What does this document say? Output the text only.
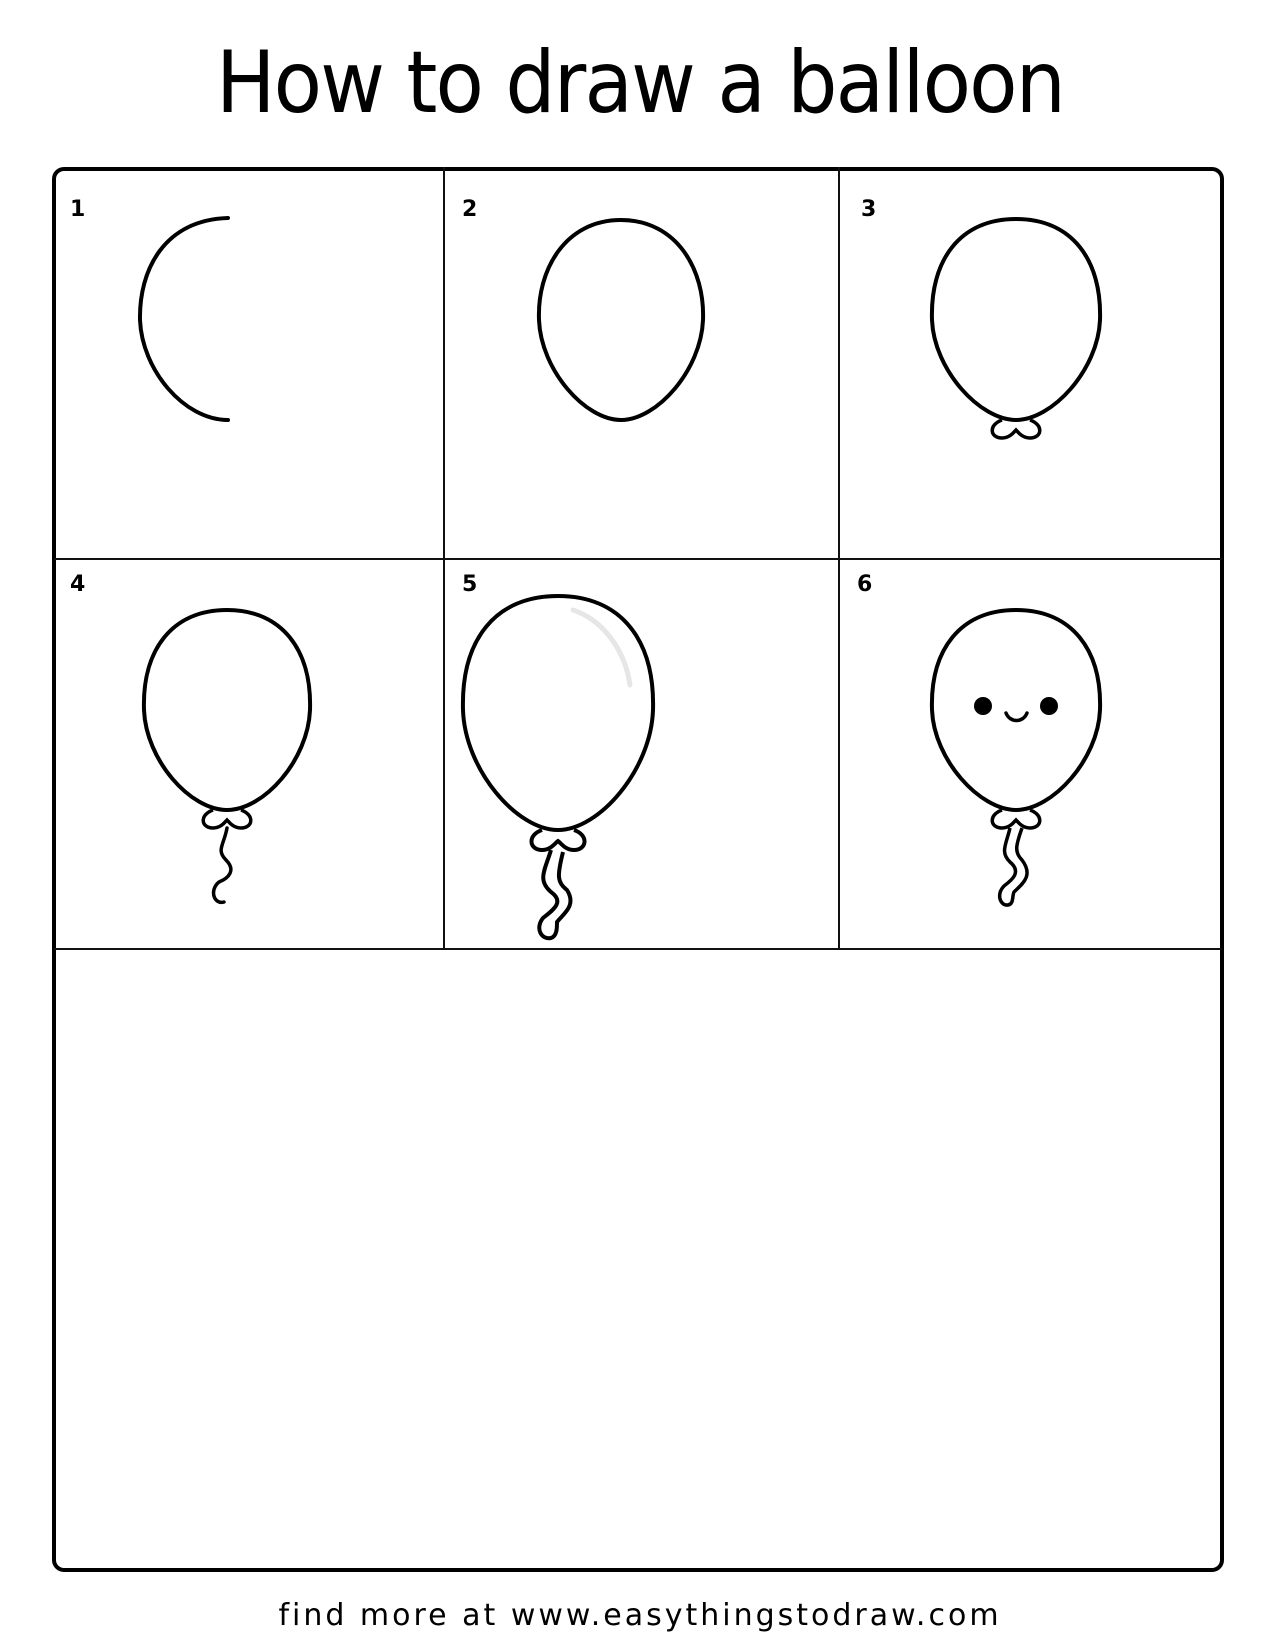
How to draw a balloon
1	2	3
4	5	6
find more at www.easythingstodraw.com
